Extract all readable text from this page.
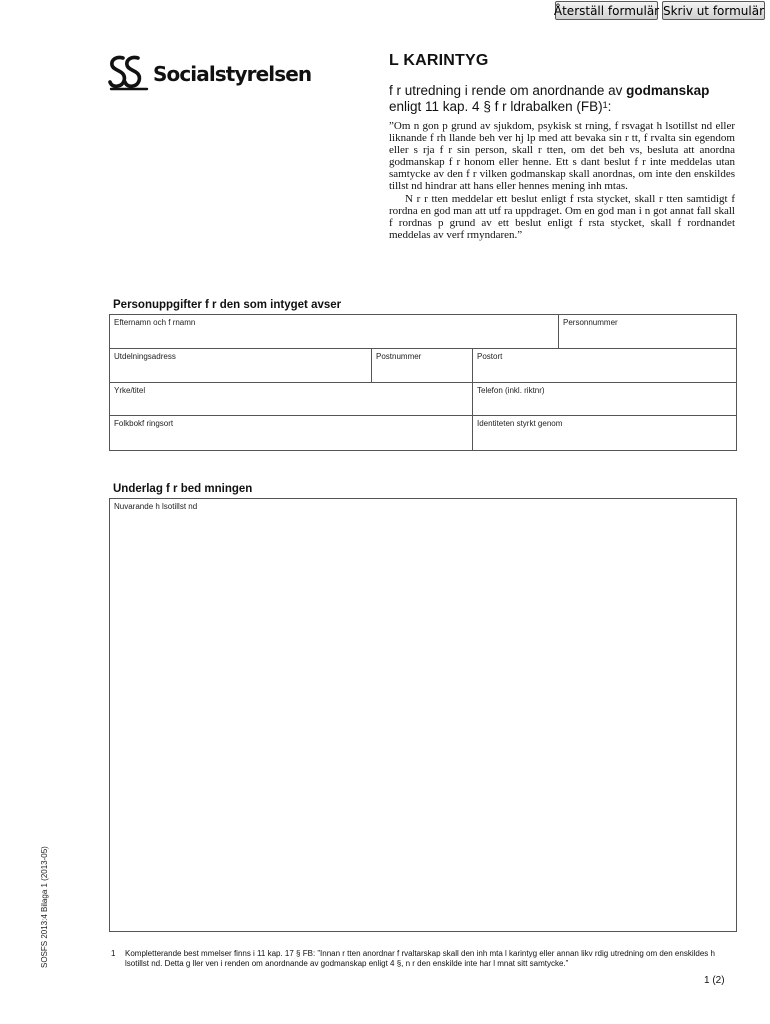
Återställ formulär Skriv ut formulär
Socialstyrelsen
L KARINTYG
f r utredning i rende om anordnande av godmanskap
enligt 11 kap. 4 § f r ldrabalken (FB)$^1$:

”Om n gon p grund av sjukdom, psykisk st rning, f rsvagat h lsotillst nd eller liknande f rh llande beh ver hj lp med att bevaka sin r tt, f rvalta sin egendom eller s rja f r sin person, skall r tten, om det beh vs, besluta att anordna godmanskap f r honom eller henne. Ett s dant beslut f r inte meddelas utan samtycke av den f r vilken godmanskap skall anordnas, om inte den enskildes tillst nd hindrar att hans eller hennes mening inh mtas.

N r r tten meddelar ett beslut enligt f rsta stycket, skall r tten samtidigt f rordna en god man att utf ra uppdraget. Om en god man i n got annat fall skall f rordnas p grund av ett beslut enligt f rsta stycket, skall f rordnandet meddelas av verf rmyndaren.”

Personuppgifter f r den som intyget avser
Efternamn och f rnamn	Personnummer
Utdelningsadress	Postnummer	Postort
Yrke/titel	Telefon (inkl. riktnr)
Folkbokf ringsort	Identiteten styrkt genom
Underlag f r bed mningen
Nuvarande h lsotillst nd
SOSFS 2013:4 Bilaga 1 (2013-05)	1 Kompletterande best mmelser finns i 11 kap. 17 § FB: ”Innan r tten anordnar f rvaltarskap skall den inh mta l karintyg eller annan likv rdig utredning om den enskildes h lsotillst nd. Detta g ller ven i renden om anordnande av godmanskap enligt 4 §, n r den enskilde inte har l mnat sitt samtycke.”
1 (2)
